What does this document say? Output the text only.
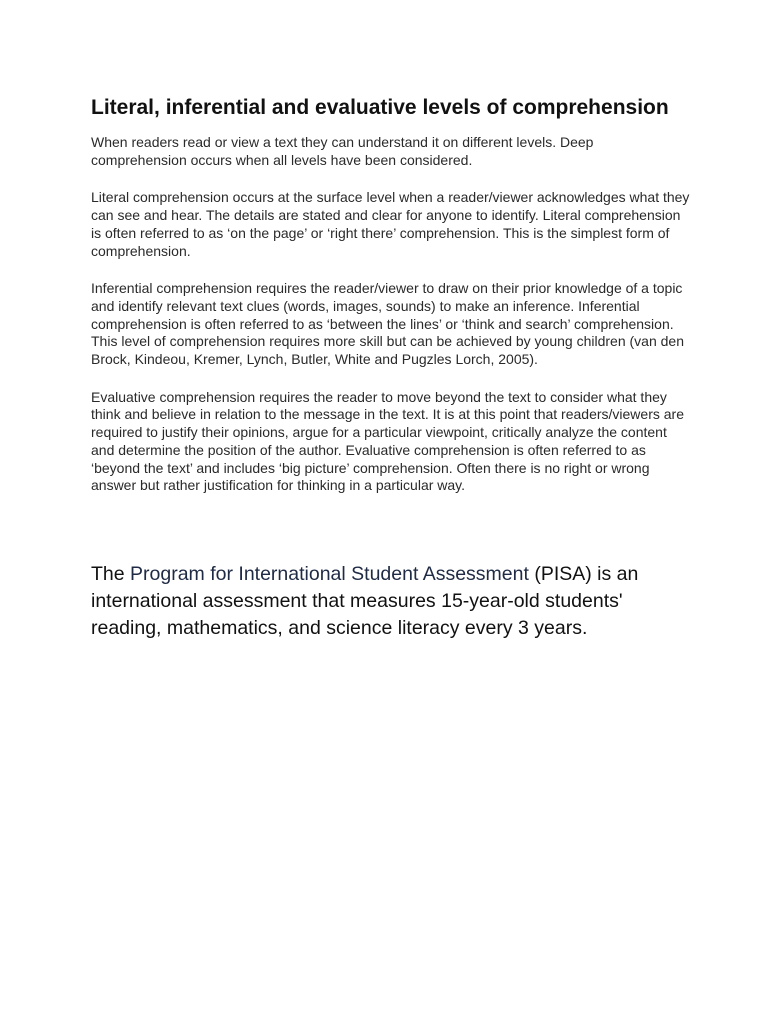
Literal, inferential and evaluative levels of comprehension

When readers read or view a text they can understand it on different levels. Deep comprehension occurs when all levels have been considered.

Literal comprehension occurs at the surface level when a reader/viewer acknowledges what they can see and hear. The details are stated and clear for anyone to identify. Literal comprehension is often referred to as ‘on the page’ or ‘right there’ comprehension. This is the simplest form of comprehension.

Inferential comprehension requires the reader/viewer to draw on their prior knowledge of a topic and identify relevant text clues (words, images, sounds) to make an inference. Inferential comprehension is often referred to as ‘between the lines’ or ‘think and search’ comprehension. This level of comprehension requires more skill but can be achieved by young children (van den Brock, Kindeou, Kremer, Lynch, Butler, White and Pugzles Lorch, 2005).

Evaluative comprehension requires the reader to move beyond the text to consider what they think and believe in relation to the message in the text. It is at this point that readers/viewers are required to justify their opinions, argue for a particular viewpoint, critically analyze the content and determine the position of the author. Evaluative comprehension is often referred to as ‘beyond the text’ and includes ‘big picture’ comprehension. Often there is no right or wrong answer but rather justification for thinking in a particular way.

The Program for International Student Assessment (PISA) is an international assessment that measures 15-year-old students' reading, mathematics, and science literacy every 3 years.
